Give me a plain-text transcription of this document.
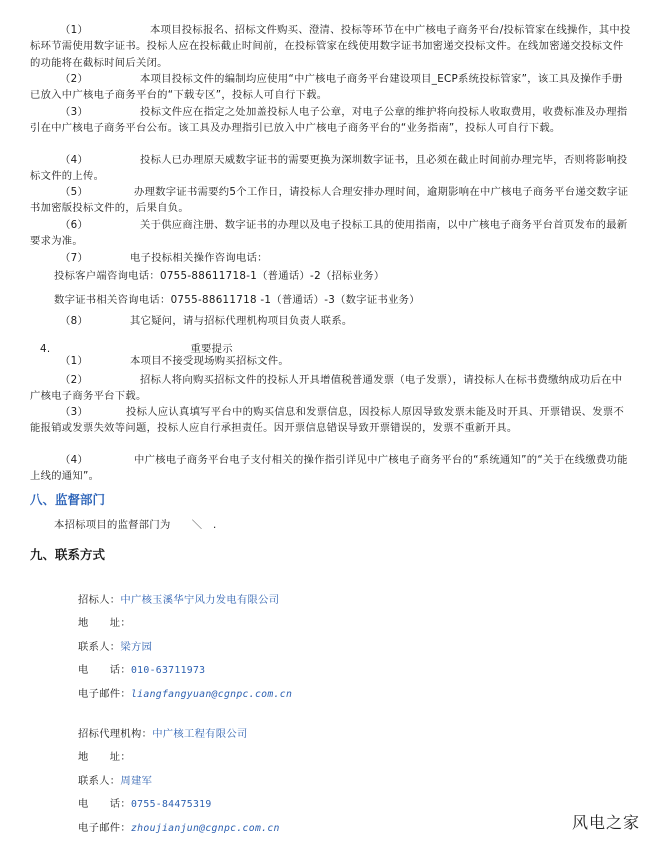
（1）	本项目投标报名、招标文件购买、澄清、投标等环节在中广核电子商务平台/投标管家在线操作，其中投标环节需使用数字证书。投标人应在投标截止时间前，在投标管家在线使用数字证书加密递交投标文件。在线加密递交投标文件的功能将在截标时间后关闭。
（2）	本项目投标文件的编制均应使用“中广核电子商务平台建设项目_ECP系统投标管家”，该工具及操作手册已放入中广核电子商务平台的“下载专区”，投标人可自行下载。
（3）	投标文件应在指定之处加盖投标人电子公章，对电子公章的维护将向投标人收取费用，收费标准及办理指引在中广核电子商务平台公布。该工具及办理指引已放入中广核电子商务平台的“业务指南”，投标人可自行下载。
（4）	投标人已办理原天威数字证书的需要更换为深圳数字证书，且必须在截止时间前办理完毕，否则将影响投标文件的上传。
（5）	办理数字证书需要约5个工作日，请投标人合理安排办理时间，逾期影响在中广核电子商务平台递交数字证书加密版投标文件的，后果自负。
（6）	关于供应商注册、数字证书的办理以及电子投标工具的使用指南，以中广核电子商务平台首页发布的最新要求为准。
（7）	电子投标相关操作咨询电话：
投标客户端咨询电话：0755-88611718-1（普通话）-2（招标业务）
数字证书相关咨询电话：0755-88611718 -1（普通话）-3（数字证书业务）
（8）	其它疑问，请与招标代理机构项目负责人联系。
4.	重要提示
（1）	本项目不接受现场购买招标文件。
（2）	招标人将向购买招标文件的投标人开具增值税普通发票（电子发票），请投标人在标书费缴纳成功后在中广核电子商务平台下载。
（3）	投标人应认真填写平台中的购买信息和发票信息，因投标人原因导致发票未能及时开具、开票错误、发票不能报销或发票失效等问题，投标人应自行承担责任。因开票信息错误导致开票错误的，发票不重新开具。
（4）	中广核电子商务平台电子支付相关的操作指引详见中广核电子商务平台的“系统通知”的“关于在线缴费功能上线的通知”。
八、监督部门
本招标项目的监督部门为　　＼　.
九、联系方式
招标人：中广核玉溪华宁风力发电有限公司
地　　址：
联系人：梁方园
电　　话：010-63711973
电子邮件：liangfangyuan@cgnpc.com.cn
招标代理机构：中广核工程有限公司
地　　址：
联系人：周建军
电　　话：0755-84475319
电子邮件：zhoujianjun@cgnpc.com.cn	风电之家
